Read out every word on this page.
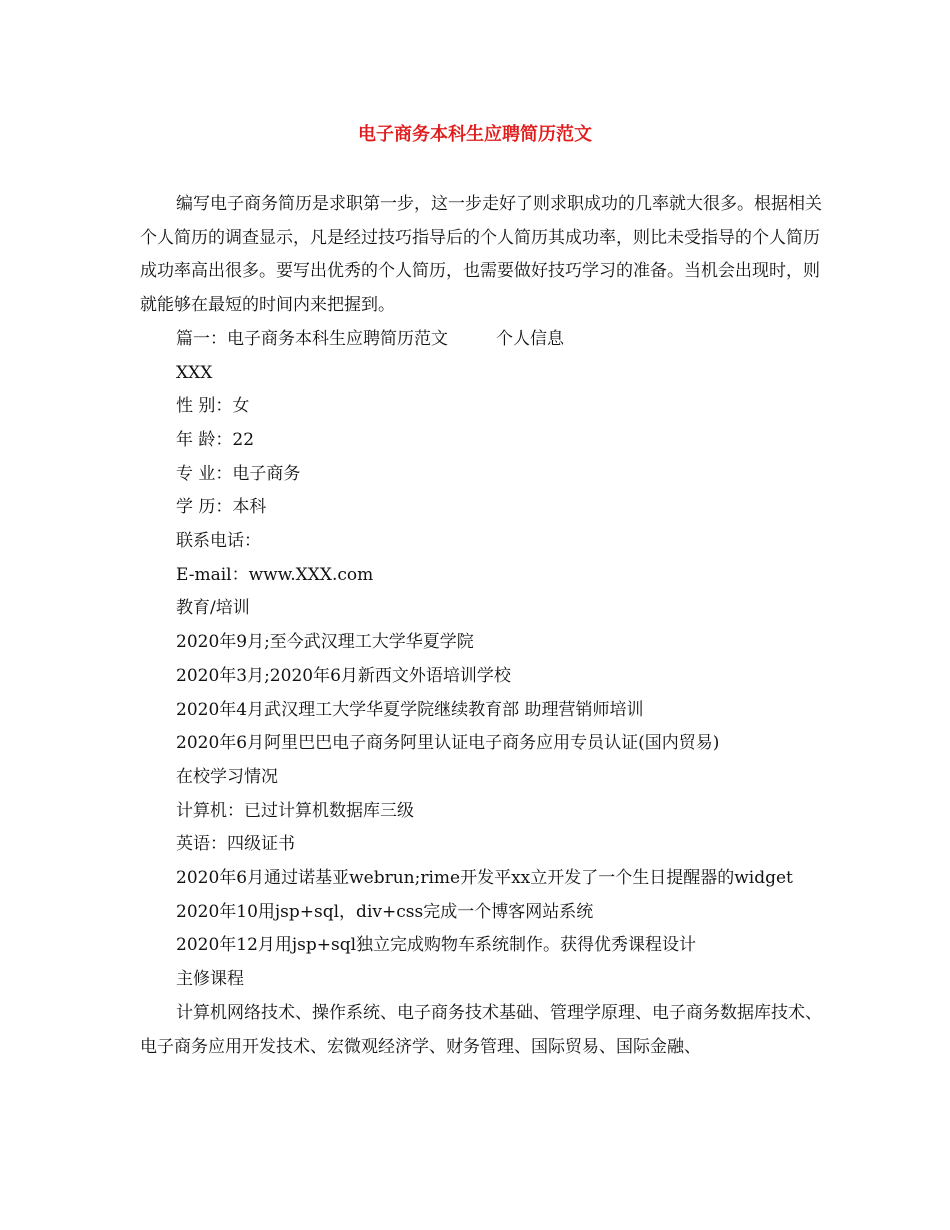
电子商务本科生应聘简历范文

编写电子商务简历是求职第一步，这一步走好了则求职成功的几率就大很多。根据相关个人简历的调查显示，凡是经过技巧指导后的个人简历其成功率，则比未受指导的个人简历成功率高出很多。要写出优秀的个人简历，也需要做好技巧学习的准备。当机会出现时，则就能够在最短的时间内来把握到。

篇一：电子商务本科生应聘简历范文	个人信息

XXX

性 别：女

年 龄：22

专 业：电子商务

学 历：本科

联系电话：

E-mail：www.XXX.com

教育/培训

2020年9月;至今武汉理工大学华夏学院

2020年3月;2020年6月新西文外语培训学校

2020年4月武汉理工大学华夏学院继续教育部 助理营销师培训

2020年6月阿里巴巴电子商务阿里认证电子商务应用专员认证(国内贸易)

在校学习情况

计算机：已过计算机数据库三级

英语：四级证书

2020年6月通过诺基亚webrun;rime开发平xx立开发了一个生日提醒器的widget

2020年10用jsp+sql，div+css完成一个博客网站系统

2020年12月用jsp+sql独立完成购物车系统制作。获得优秀课程设计

主修课程

计算机网络技术、操作系统、电子商务技术基础、管理学原理、电子商务数据库技术、电子商务应用开发技术、宏微观经济学、财务管理、国际贸易、国际金融、
